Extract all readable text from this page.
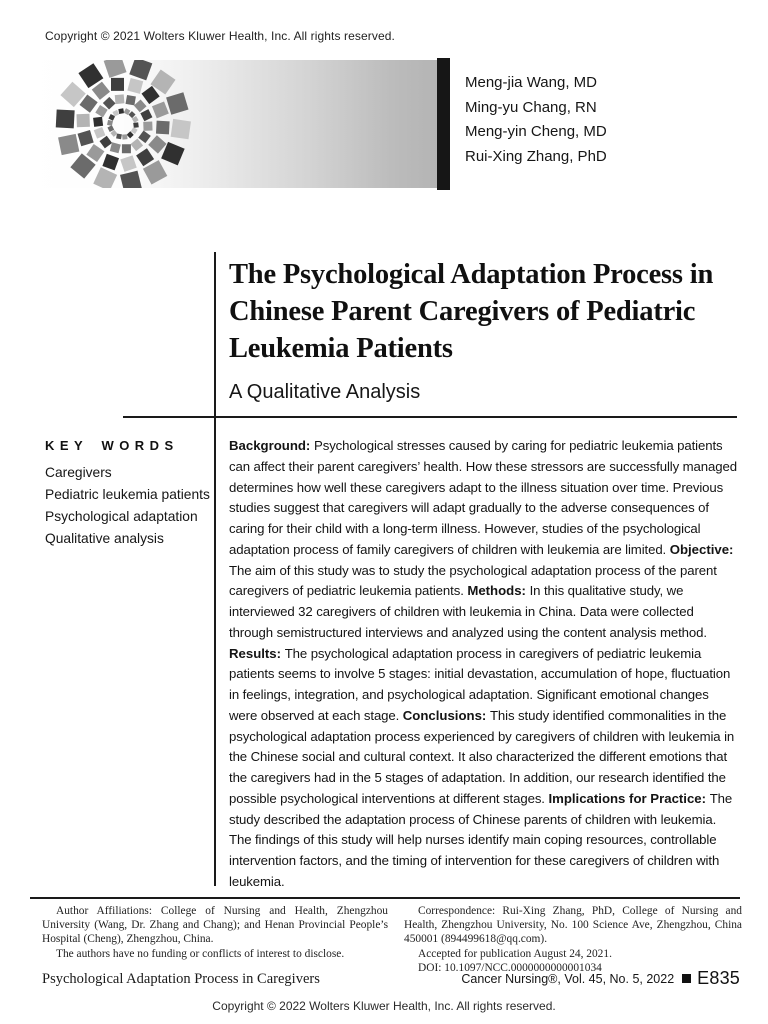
Copyright © 2021 Wolters Kluwer Health, Inc. All rights reserved.
Meng-jia Wang, MD
Ming-yu Chang, RN
Meng-yin Cheng, MD
Rui-Xing Zhang, PhD
The Psychological Adaptation Process in
Chinese Parent Caregivers of Pediatric
Leukemia Patients
A Qualitative Analysis
KEY WORDS
Caregivers
Pediatric leukemia patients
Psychological adaptation
Qualitative analysis
Background: Psychological stresses caused by caring for pediatric leukemia patients can affect their parent caregivers’ health. How these stressors are successfully managed determines how well these caregivers adapt to the illness situation over time. Previous studies suggest that caregivers will adapt gradually to the adverse consequences of caring for their child with a long-term illness. However, studies of the psychological adaptation process of family caregivers of children with leukemia are limited. Objective: The aim of this study was to study the psychological adaptation process of the parent caregivers of pediatric leukemia patients. Methods: In this qualitative study, we interviewed 32 caregivers of children with leukemia in China. Data were collected through semistructured interviews and analyzed using the content analysis method. Results: The psychological adaptation process in caregivers of pediatric leukemia patients seems to involve 5 stages: initial devastation, accumulation of hope, fluctuation in feelings, integration, and psychological adaptation. Significant emotional changes were observed at each stage. Conclusions: This study identified commonalities in the psychological adaptation process experienced by caregivers of children with leukemia in the Chinese social and cultural context. It also characterized the different emotions that the caregivers had in the 5 stages of adaptation. In addition, our research identified the possible psychological interventions at different stages. Implications for Practice: The study described the adaptation process of Chinese parents of children with leukemia. The findings of this study will help nurses identify main coping resources, controllable intervention factors, and the timing of intervention for these caregivers of children with leukemia.

Author Affiliations: College of Nursing and Health, Zhengzhou University (Wang, Dr. Zhang and Chang); and Henan Provincial People’s Hospital (Cheng), Zhengzhou, China.

The authors have no funding or conflicts of interest to disclose.

Correspondence: Rui-Xing Zhang, PhD, College of Nursing and Health, Zhengzhou University, No. 100 Science Ave, Zhengzhou, China 450001 (894499618@qq.com).

Accepted for publication August 24, 2021.

DOI: 10.1097/NCC.0000000000001034

Psychological Adaptation Process in Caregivers	Cancer Nursing®, Vol. 45, No. 5, 2022 E835
Copyright © 2022 Wolters Kluwer Health, Inc. All rights reserved.
